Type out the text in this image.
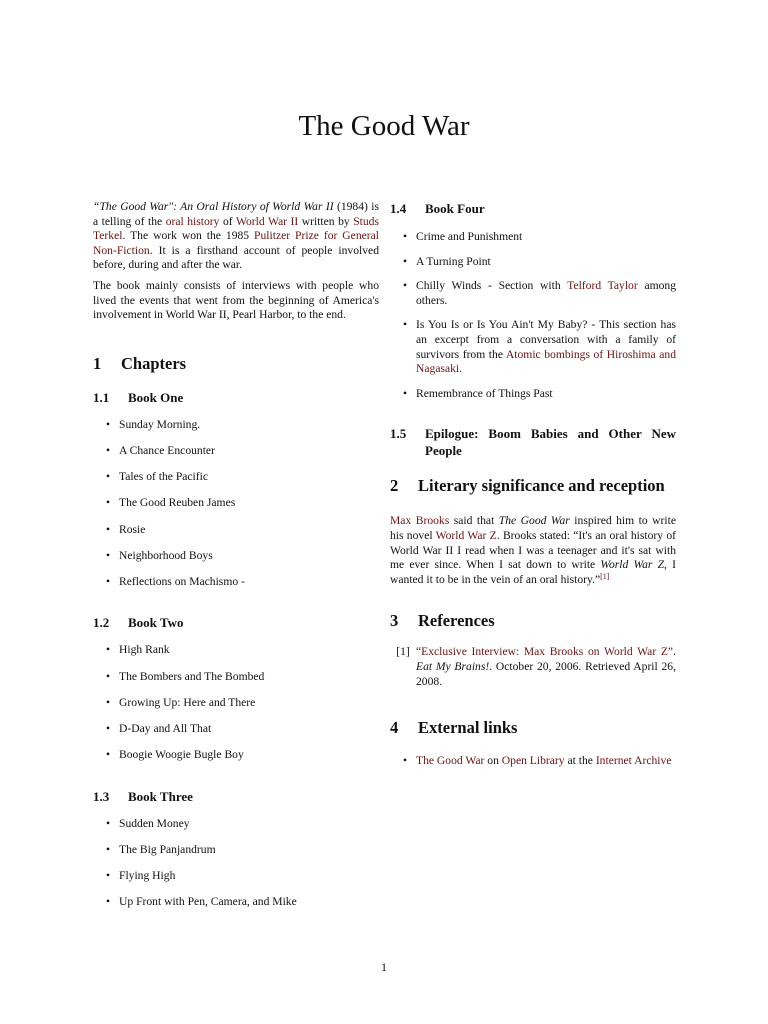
The Good War

“The Good War": An Oral History of World War II (1984) is a telling of the oral history of World War II written by Studs Terkel. The work won the 1985 Pulitzer Prize for General Non-Fiction. It is a firsthand account of people involved before, during and after the war.

The book mainly consists of interviews with people who lived the events that went from the beginning of America's involvement in World War II, Pearl Harbor, to the end.

1	Chapters
1.1	Book One
• Sunday Morning.
• A Chance Encounter
• Tales of the Pacific
• The Good Reuben James
• Rosie
• Neighborhood Boys
• Reflections on Machismo -
1.2	Book Two
• High Rank
• The Bombers and The Bombed
• Growing Up: Here and There
• D-Day and All That
• Boogie Woogie Bugle Boy
1.3	Book Three
• Sudden Money
• The Big Panjandrum
• Flying High
• Up Front with Pen, Camera, and Mike
1.4	Book Four
• Crime and Punishment
• A Turning Point
• Chilly Winds - Section with Telford Taylor among others.
• Is You Is or Is You Ain't My Baby? - This section has an excerpt from a conversation with a family of survivors from the Atomic bombings of Hiroshima and Nagasaki.
• Remembrance of Things Past
1.5	Epilogue: Boom Babies and Other New People
2	Literary significance and reception

Max Brooks said that The Good War inspired him to write his novel World War Z. Brooks stated: “It's an oral history of World War II I read when I was a teenager and it's sat with me ever since. When I sat down to write World War Z, I wanted it to be in the vein of an oral history.”[1]

3	References
[1] “Exclusive Interview: Max Brooks on World War Z”. Eat My Brains!. October 20, 2006. Retrieved April 26, 2008.
4	External links
• The Good War on Open Library at the Internet Archive
1
